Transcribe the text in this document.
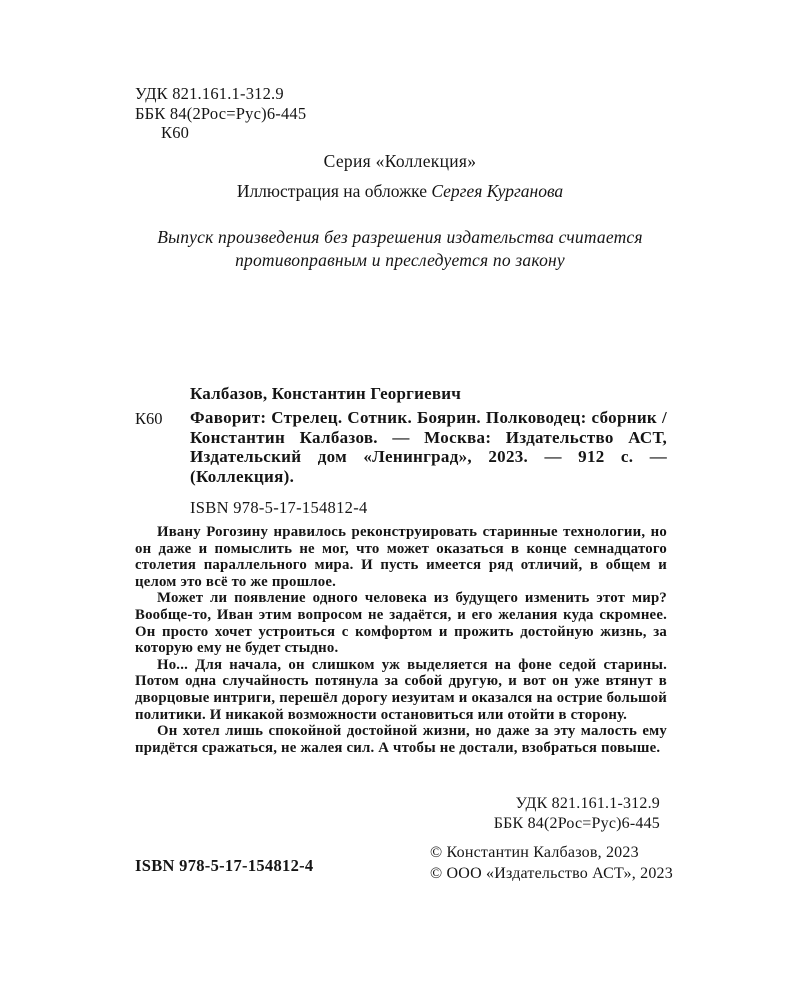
УДК 821.161.1-312.9
ББК 84(2Рос=Рус)6-445
К60
Серия «Коллекция»
Иллюстрация на обложке Сергея Курганова
Выпуск произведения без разрешения издательства считается противоправным и преследуется по закону
Калбазов, Константин Георгиевич
К60	Фаворит: Стрелец. Сотник. Боярин. Полководец: сборник / Константин Калбазов. — Москва: Издательство АСТ, Издательский дом «Ленинград», 2023. — 912 с. — (Коллекция).
ISBN 978-5-17-154812-4

Ивану Рогозину нравилось реконструировать старинные технологии, но он даже и помыслить не мог, что может оказаться в конце семнадцатого столетия параллельного мира. И пусть имеется ряд отличий, в общем и целом это всё то же прошлое.

Может ли появление одного человека из будущего изменить этот мир? Вообще-то, Иван этим вопросом не задаётся, и его желания куда скромнее. Он просто хочет устроиться с комфортом и прожить достойную жизнь, за которую ему не будет стыдно.

Но... Для начала, он слишком уж выделяется на фоне седой старины. Потом одна случайность потянула за собой другую, и вот он уже втянут в дворцовые интриги, перешёл дорогу иезуитам и оказался на острие большой политики. И никакой возможности остановиться или отойти в сторону.

Он хотел лишь спокойной достойной жизни, но даже за эту малость ему придётся сражаться, не жалея сил. А чтобы не достали, взобраться повыше.

УДК 821.161.1-312.9
ББК 84(2Рос=Рус)6-445
ISBN 978-5-17-154812-4
© Константин Калбазов, 2023
© ООО «Издательство АСТ», 2023
